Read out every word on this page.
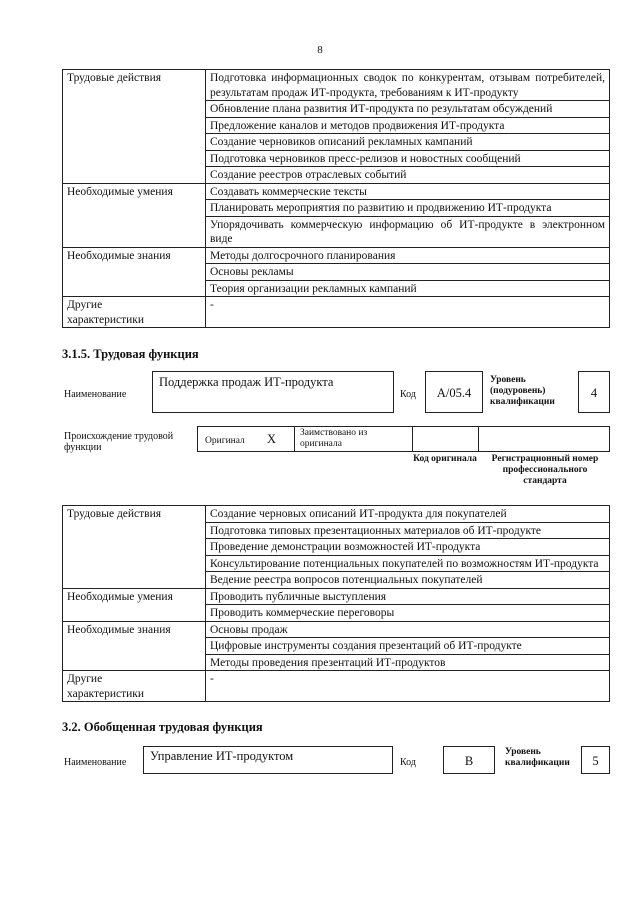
8
Трудовые действия	Подготовка информационных сводок по конкурентам, отзывам потребителей, результатам продаж ИТ-продукта, требованиям к ИТ-продукту
	Обновление плана развития ИТ-продукта по результатам обсуждений
	Предложение каналов и методов продвижения ИТ-продукта
	Создание черновиков описаний рекламных кампаний
	Подготовка черновиков пресс-релизов и новостных сообщений
	Создание реестров отраслевых событий
Необходимые умения	Создавать коммерческие тексты
	Планировать мероприятия по развитию и продвижению ИТ-продукта
	Упорядочивать коммерческую информацию об ИТ-продукте в электронном виде
Необходимые знания	Методы долгосрочного планирования
	Основы рекламы
	Теория организации рекламных кампаний

Другие характеристики	-
3.1.5. Трудовая функция
Наименование
Поддержка продаж ИТ-продукта
Код	A/05.4
Уровень (подуровень) квалификации
4
Происхождение трудовой функции
Оригинал X	Заимствовано из оригинала
Код оригинала	Регистрационный номер профессионального стандарта
Трудовые действия	Создание черновых описаний ИТ-продукта для покупателей
	Подготовка типовых презентационных материалов об ИТ-продукте
	Проведение демонстрации возможностей ИТ-продукта
	Консультирование потенциальных покупателей по возможностям ИТ-продукта
	Ведение реестра вопросов потенциальных покупателей
Необходимые умения	Проводить публичные выступления
	Проводить коммерческие переговоры
Необходимые знания	Основы продаж
	Цифровые инструменты создания презентаций об ИТ-продукте
	Методы проведения презентаций ИТ-продуктов

Другие характеристики	-
3.2. Обобщенная трудовая функция
Наименование	Управление ИТ-продуктом	Код	B
Уровень квалификации	5
